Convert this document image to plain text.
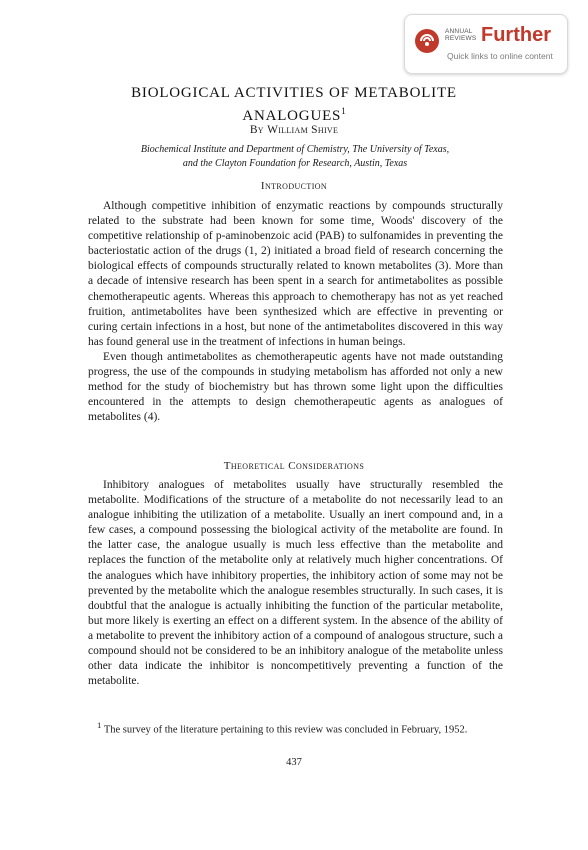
ANNUAL
REVIEWS Further
Quick links to online content
BIOLOGICAL ACTIVITIES OF METABOLITE
ANALOGUES$^1$
By William Shive
Biochemical Institute and Department of Chemistry, The University of Texas,
and the Clayton Foundation for Research, Austin, Texas
Introduction

Although competitive inhibition of enzymatic reactions by compounds structurally related to the substrate had been known for some time, Woods' discovery of the competitive relationship of p-aminobenzoic acid (PAB) to sulfonamides in preventing the bacteriostatic action of the drugs (1, 2) initiated a broad field of research concerning the biological effects of compounds structurally related to known metabolites (3). More than a decade of intensive research has been spent in a search for antimetabolites as possible chemotherapeutic agents. Whereas this approach to chemotherapy has not as yet reached fruition, antimetabolites have been synthesized which are effective in preventing or curing certain infections in a host, but none of the antimetabolites discovered in this way has found general use in the treatment of infections in human beings.

Even though antimetabolites as chemotherapeutic agents have not made outstanding progress, the use of the compounds in studying metabolism has afforded not only a new method for the study of biochemistry but has thrown some light upon the difficulties encountered in the attempts to design chemotherapeutic agents as analogues of metabolites (4).

Theoretical Considerations

Inhibitory analogues of metabolites usually have structurally resembled the metabolite. Modifications of the structure of a metabolite do not necessarily lead to an analogue inhibiting the utilization of a metabolite. Usually an inert compound and, in a few cases, a compound possessing the biological activity of the metabolite are found. In the latter case, the analogue usually is much less effective than the metabolite and replaces the function of the metabolite only at relatively much higher concentrations. Of the analogues which have inhibitory properties, the inhibitory action of some may not be prevented by the metabolite which the analogue resembles structurally. In such cases, it is doubtful that the analogue is actually inhibiting the function of the particular metabolite, but more likely is exerting an effect on a different system. In the absence of the ability of a metabolite to prevent the inhibitory action of a compound of analogous structure, such a compound should not be considered to be an inhibitory analogue of the metabolite unless other data indicate the inhibitor is noncompetitively preventing a function of the metabolite.

$^1$ The survey of the literature pertaining to this review was concluded in February, 1952.

437
